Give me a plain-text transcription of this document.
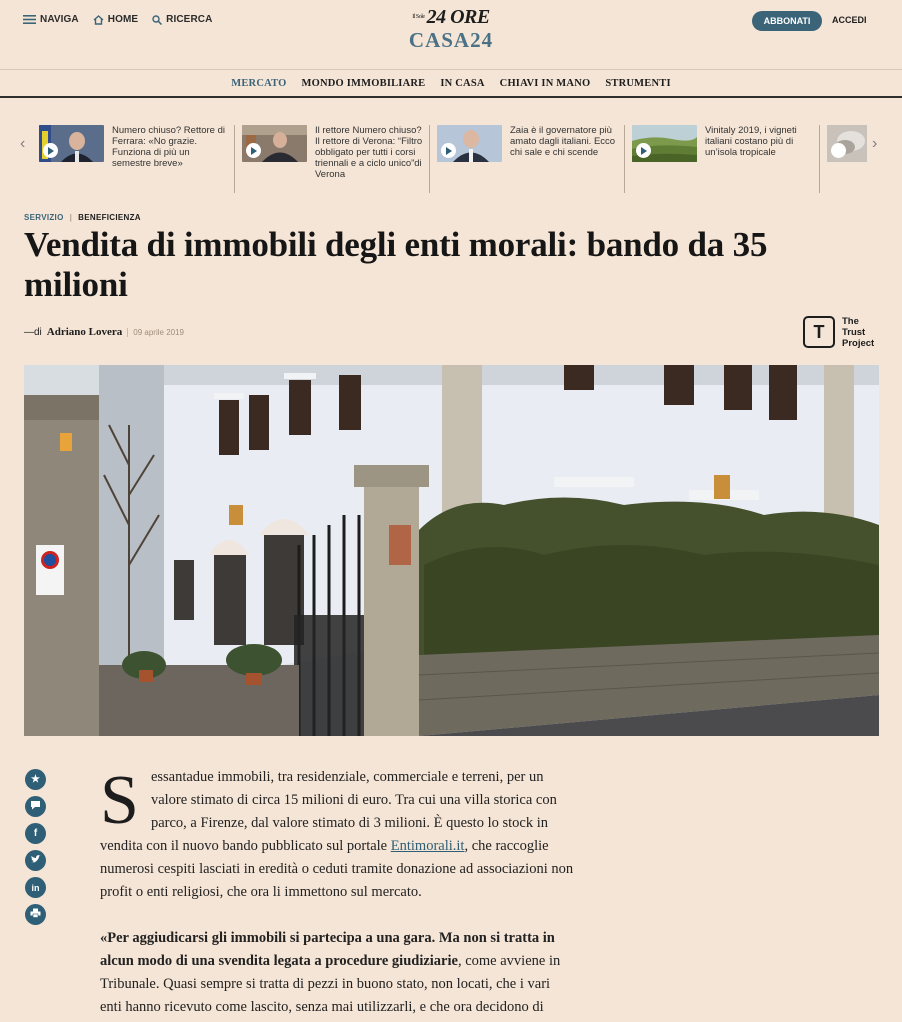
NAVIGA	HOME	RICERCA	$^{Il Sole}$ 24 ORE
CASA24
ABBONATI	ACCEDI
MERCATO MONDO IMMOBILIARE IN CASA CHIAVI IN MANO STRUMENTI
‹
Numero chiuso? Rettore di Ferrara: «No grazie. Funziona di più un semestre breve»
Il rettore Numero chiuso? Il rettore di Verona: “Filtro obbligato per tutti i corsi triennali e a ciclo unico”di Verona
Zaia è il governatore più amato dagli italiani. Ecco chi sale e chi scende
Vinitaly 2019, i vigneti italiani costano più di un’isola tropicale
›
SERVIZIO | BENEFICIENZA
Vendita di immobili degli enti morali: bando da 35 milioni
—di Adriano Lovera	09 aprile 2019	T	The
Trust
Project
★
f
in

Sessantadue immobili, tra residenziale, commerciale e terreni, per un valore stimato di circa 15 milioni di euro. Tra cui una villa storica con parco, a Firenze, dal valore stimato di 3 milioni. È questo lo stock in vendita con il nuovo bando pubblicato sul portale Entimorali.it, che raccoglie numerosi cespiti lasciati in eredità o ceduti tramite donazione ad associazioni non profit o enti religiosi, che ora li immettono sul mercato.

«Per aggiudicarsi gli immobili si partecipa a una gara. Ma non si tratta in alcun modo di una svendita legata a procedure giudiziarie, come avviene in Tribunale. Quasi sempre si tratta di pezzi in buono stato, non locati, che i vari enti hanno ricevuto come lascito, senza mai utilizzarli, e che ora decidono di
